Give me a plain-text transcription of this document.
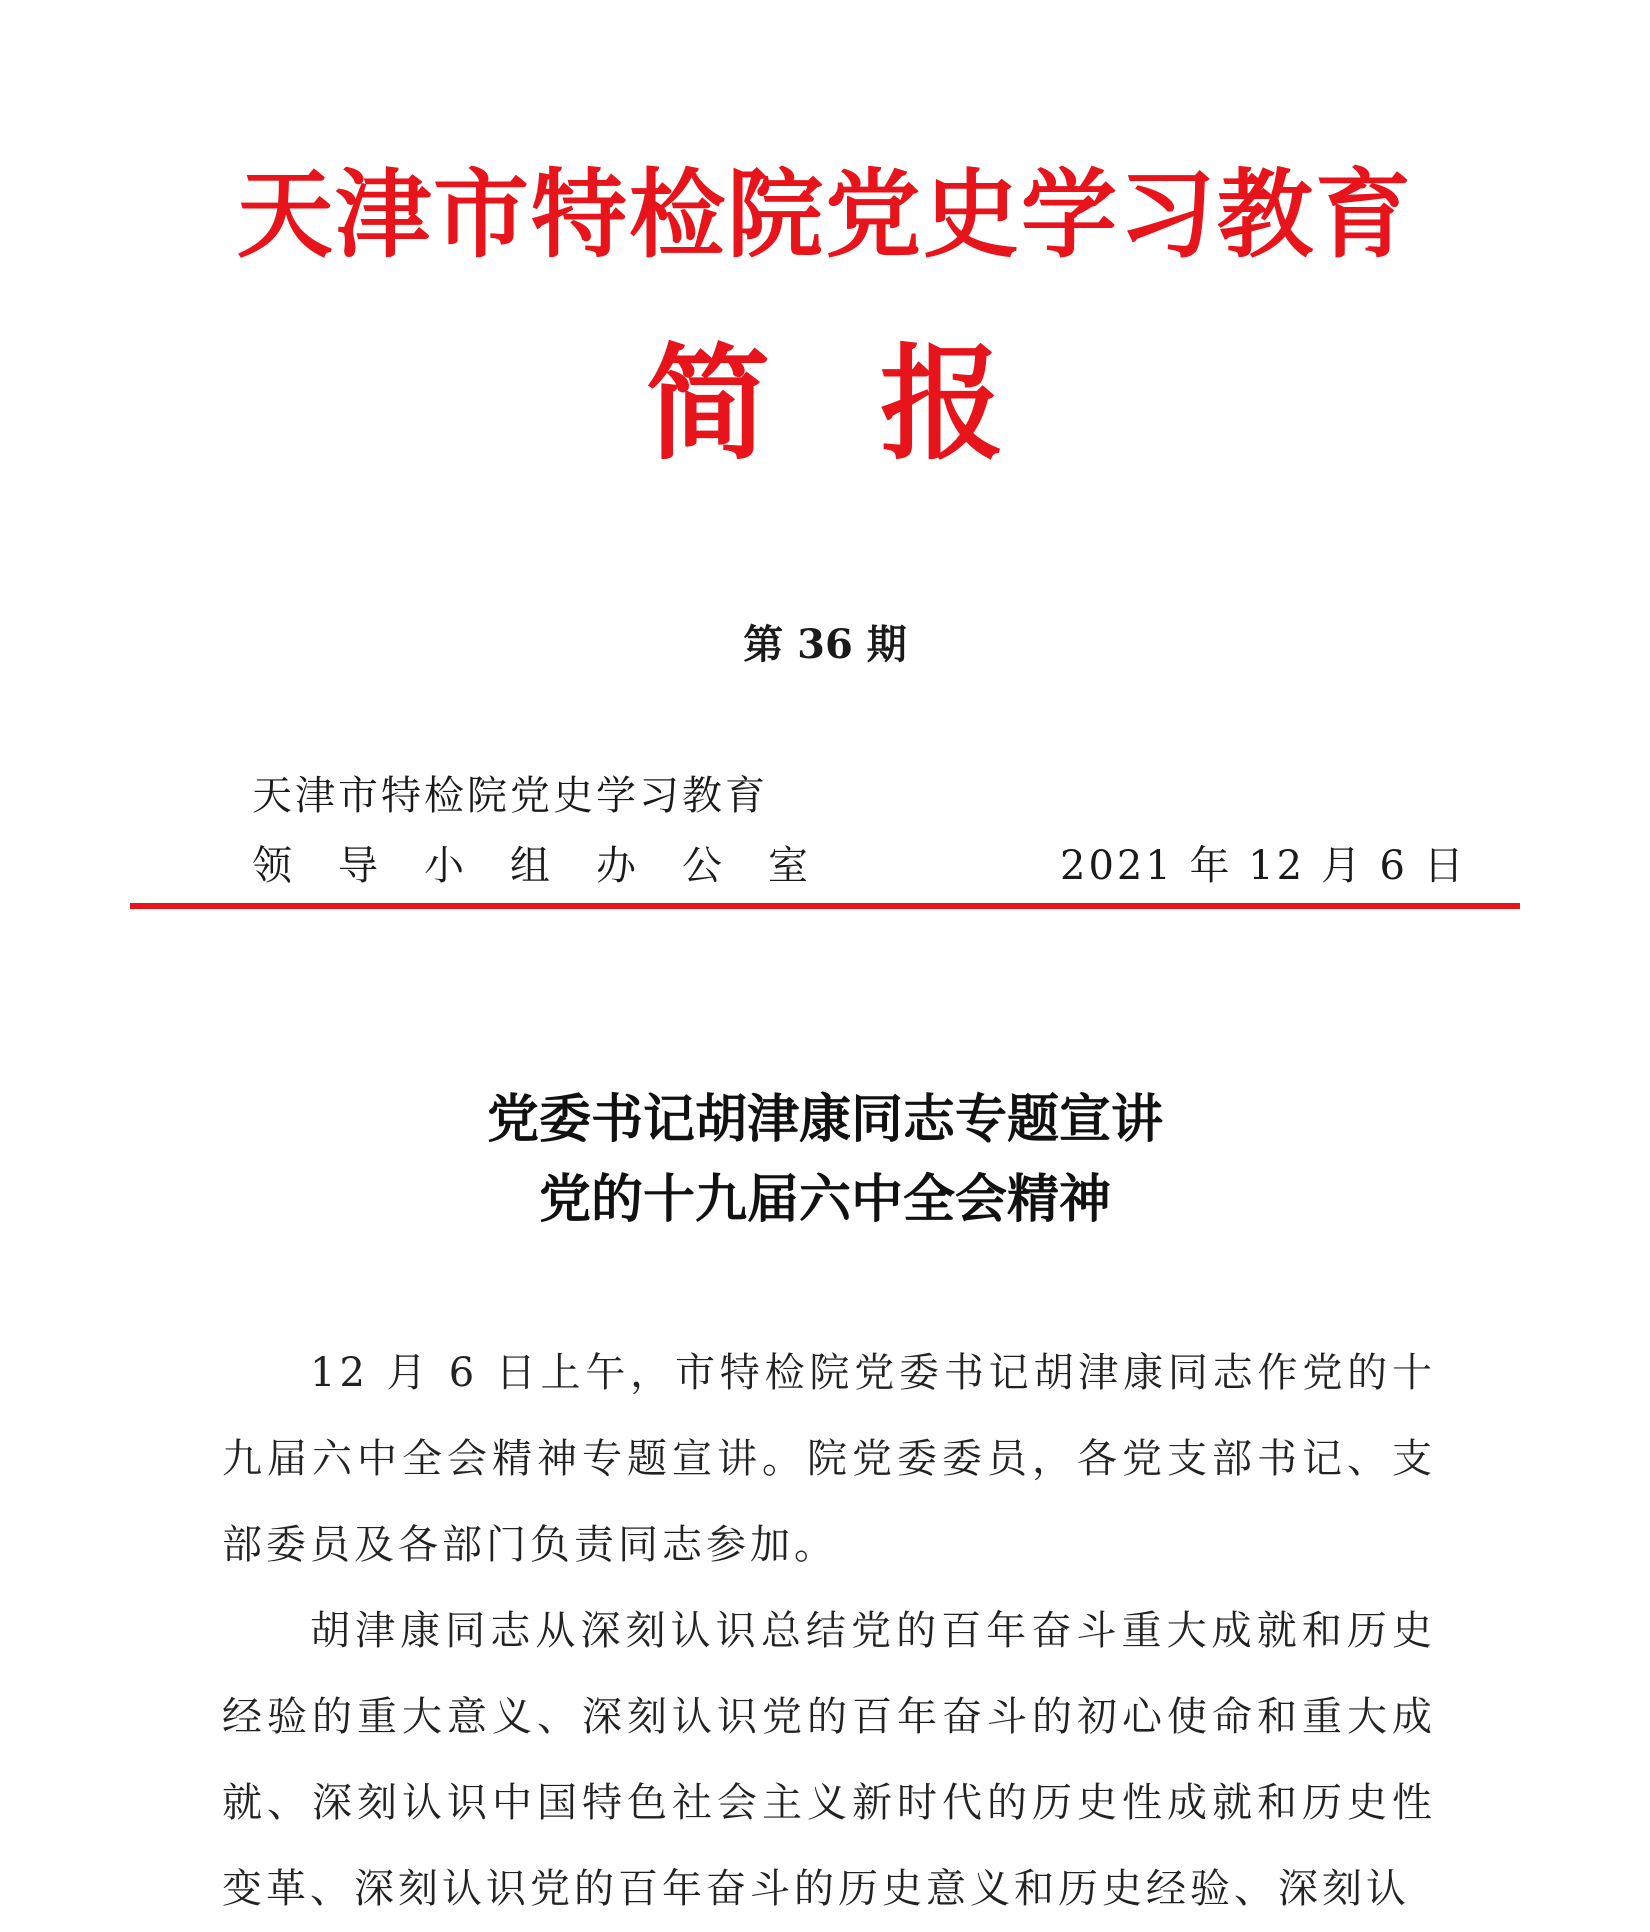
天津市特检院党史学习教育
简报
第 36 期
天津市特检院党史学习教育
领导小组办公室	2021 年 12 月 6 日
党委书记胡津康同志专题宣讲
党的十九届六中全会精神

12 月 6 日上午，市特检院党委书记胡津康同志作党的十九届六中全会精神专题宣讲。院党委委员，各党支部书记、支部委员及各部门负责同志参加。

胡津康同志从深刻认识总结党的百年奋斗重大成就和历史经验的重大意义、深刻认识党的百年奋斗的初心使命和重大成就、深刻认识中国特色社会主义新时代的历史性成就和历史性变革、深刻认识党的百年奋斗的历史意义和历史经验、深刻认
